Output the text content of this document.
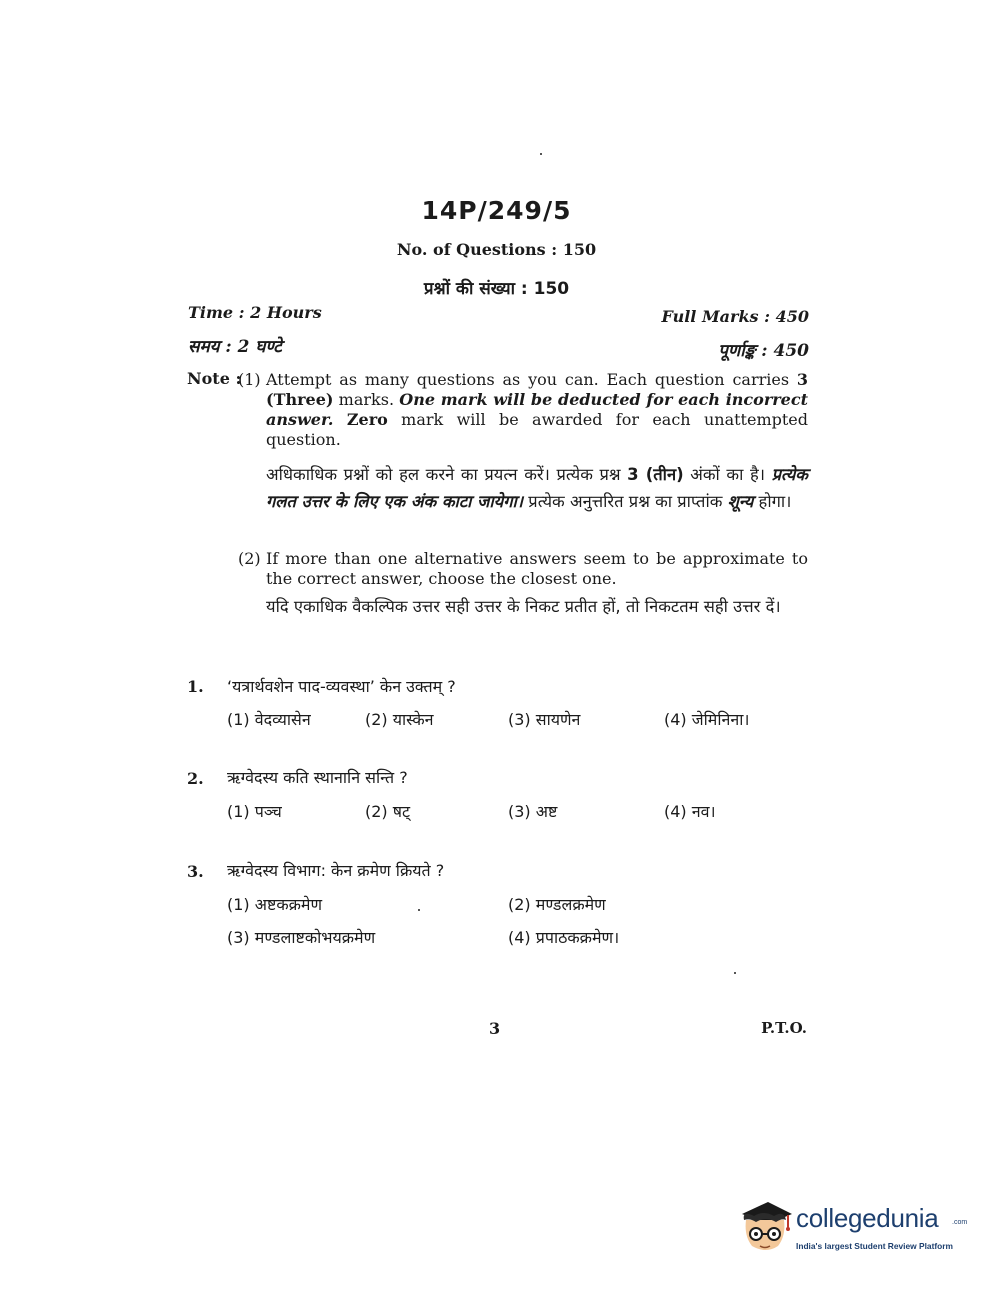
14P/249/5
No. of Questions : 150
प्रश्नों की संख्या : 150
Time : 2 Hours
समय : 2 घण्टे
Full Marks : 450
पूर्णाङ्क : 450
Note :
(1) Attempt as many questions as you can. Each question carries 3 (Three) marks. One mark will be deducted for each incorrect answer. Zero mark will be awarded for each unattempted question.
अधिकाधिक प्रश्नों को हल करने का प्रयत्न करें। प्रत्येक प्रश्न 3 (तीन) अंकों का है। प्रत्येक गलत उत्तर के लिए एक अंक काटा जायेगा। प्रत्येक अनुत्तरित प्रश्न का प्राप्तांक शून्य होगा।
(2) If more than one alternative answers seem to be approximate to the correct answer, choose the closest one.
यदि एकाधिक वैकल्पिक उत्तर सही उत्तर के निकट प्रतीत हों, तो निकटतम सही उत्तर दें।
1. ‘यत्रार्थवशेन पाद-व्यवस्था’ केन उक्तम् ?
(1) वेदव्यासेन	(2) यास्केन	(3) सायणेन	(4) जेमिनिना।
2. ऋग्वेदस्य कति स्थानानि सन्ति ?
(1) पञ्च	(2) षट्	(3) अष्ट	(4) नव।
3. ऋग्वेदस्य विभाग: केन क्रमेण क्रियते ?
(1) अष्टकक्रमेण	(2) मण्डलक्रमेण
(3) मण्डलाष्टकोभयक्रमेण	(4) प्रपाठकक्रमेण।
3	P.T.O.
collegedunia .com
India's largest Student Review Platform
